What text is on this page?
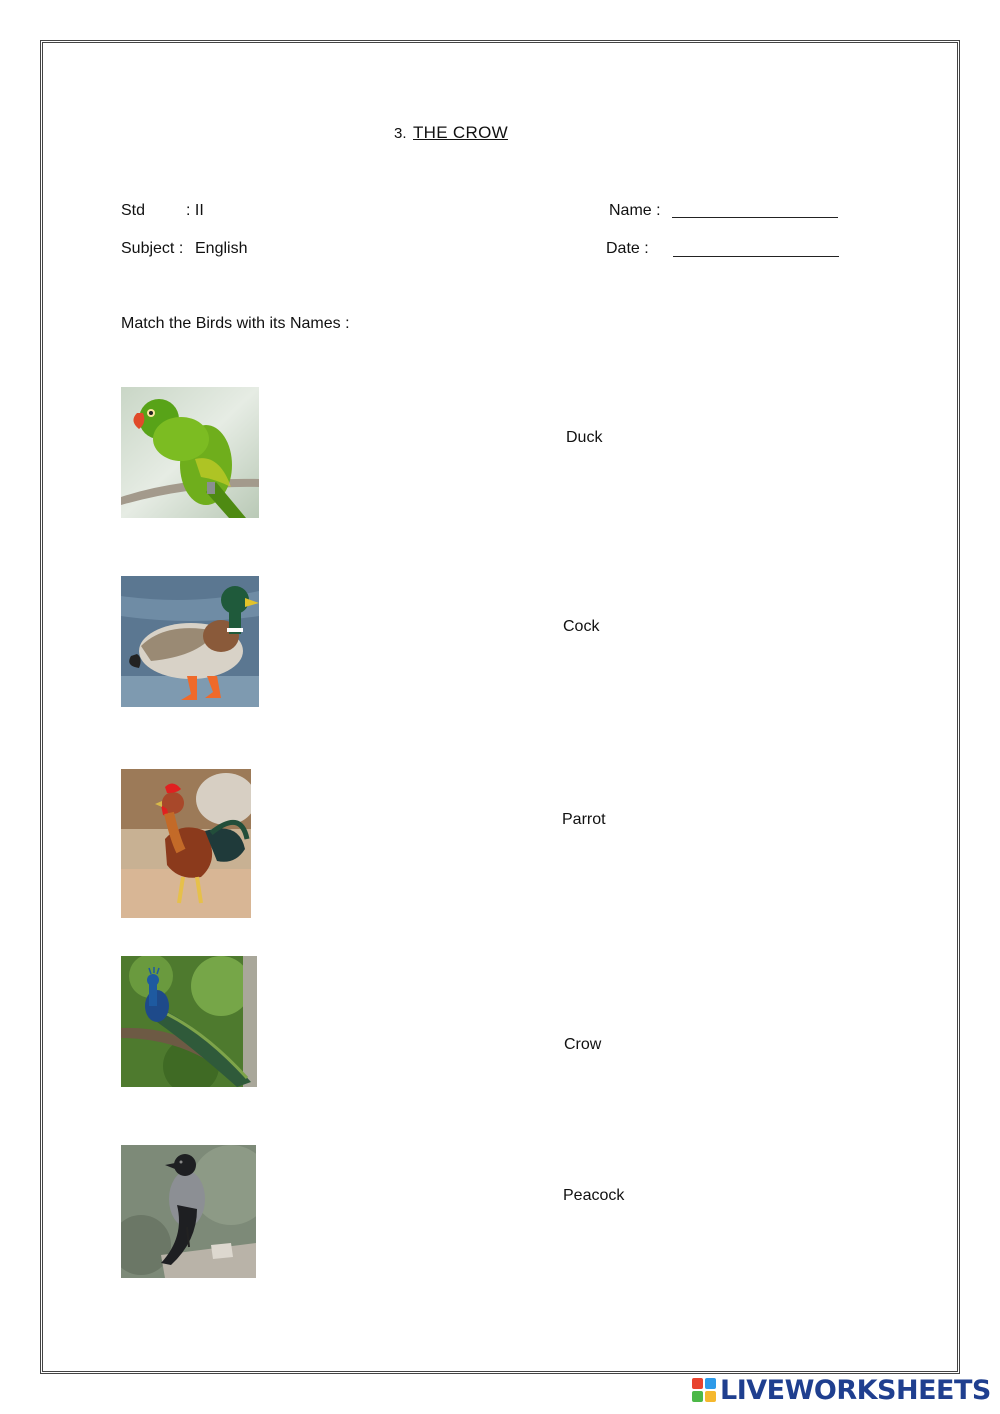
3. THE CROW
Std	: II
Subject : English
Name :
Date :
Match the Birds with its Names :
Duck
Cock
Parrot
Crow
Peacock
LIVEWORKSHEETS
